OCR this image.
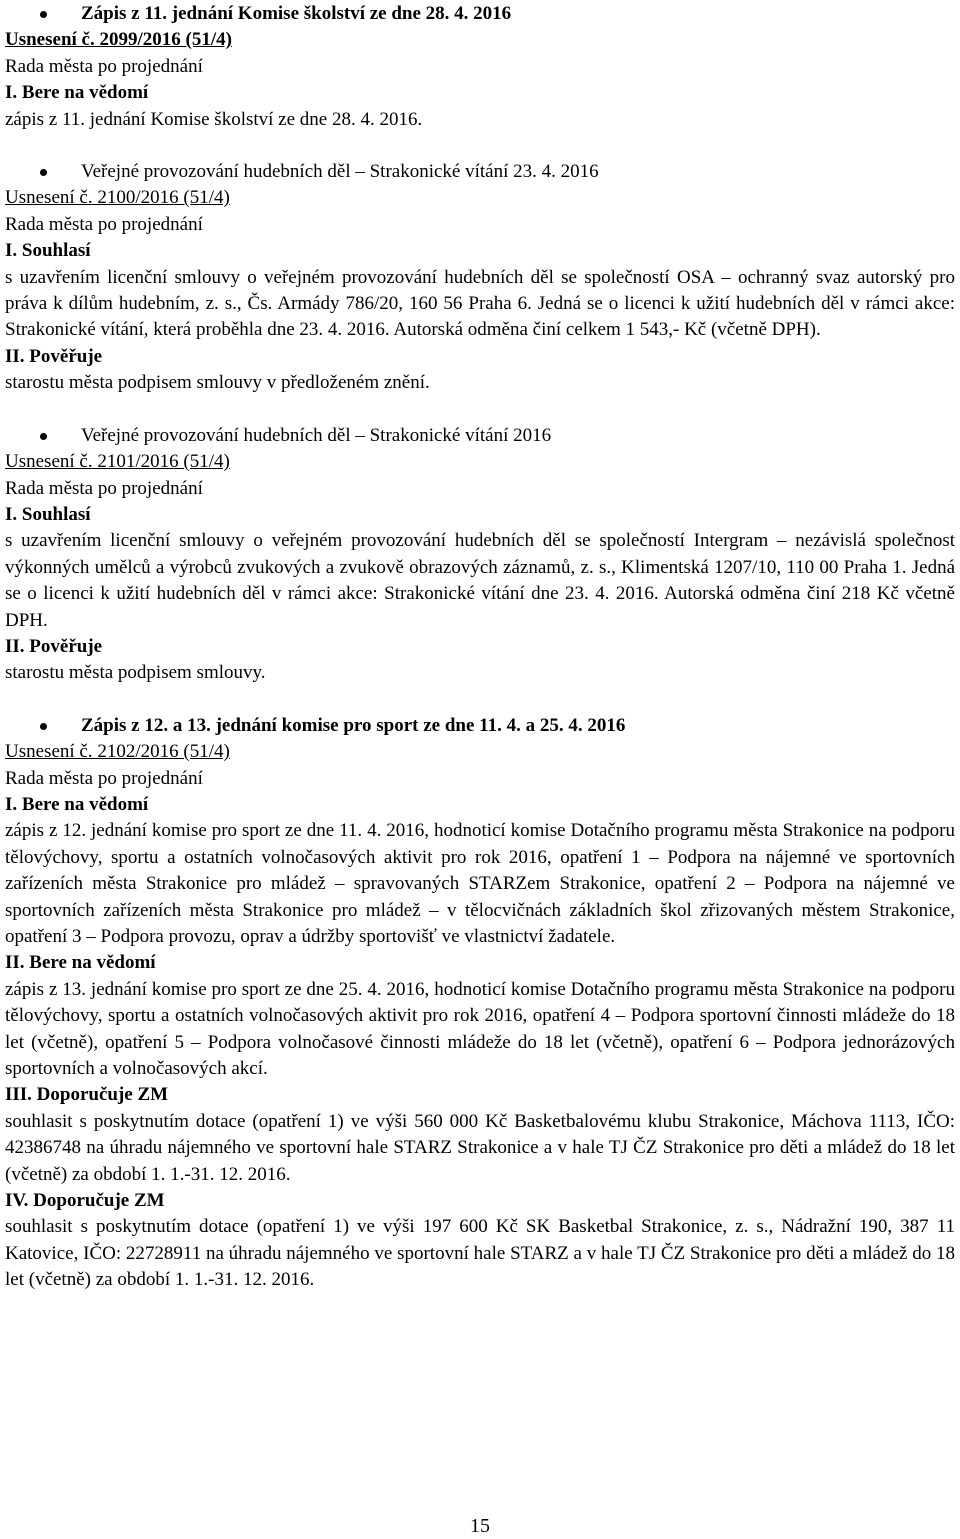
Zápis z 11. jednání Komise školství ze dne 28. 4. 2016

Usnesení č. 2099/2016 (51/4)

Rada města po projednání

I. Bere na vědomí

zápis z 11. jednání Komise školství ze dne 28. 4. 2016.

Veřejné provozování hudebních děl – Strakonické vítání 23. 4. 2016

Usnesení č. 2100/2016 (51/4)

Rada města po projednání

I. Souhlasí

s uzavřením licenční smlouvy o veřejném provozování hudebních děl se společností OSA – ochranný svaz autorský pro práva k dílům hudebním, z. s., Čs. Armády 786/20, 160 56 Praha 6. Jedná se o licenci k užití hudebních děl v rámci akce: Strakonické vítání, která proběhla dne 23. 4. 2016. Autorská odměna činí celkem 1 543,- Kč (včetně DPH).

II. Pověřuje

starostu města podpisem smlouvy v předloženém znění.

Veřejné provozování hudebních děl – Strakonické vítání 2016

Usnesení č. 2101/2016 (51/4)

Rada města po projednání

I. Souhlasí

s uzavřením licenční smlouvy o veřejném provozování hudebních děl se společností Intergram – nezávislá společnost výkonných umělců a výrobců zvukových a zvukově obrazových záznamů, z. s., Klimentská 1207/10, 110 00 Praha 1. Jedná se o licenci k užití hudebních děl v rámci akce: Strakonické vítání dne 23. 4. 2016. Autorská odměna činí 218 Kč včetně DPH.

II. Pověřuje

starostu města podpisem smlouvy.

Zápis z 12. a 13. jednání komise pro sport ze dne 11. 4. a 25. 4. 2016

Usnesení č. 2102/2016 (51/4)

Rada města po projednání

I. Bere na vědomí

zápis z 12. jednání komise pro sport ze dne 11. 4. 2016, hodnoticí komise Dotačního programu města Strakonice na podporu tělovýchovy, sportu a ostatních volnočasových aktivit pro rok 2016, opatření 1 – Podpora na nájemné ve sportovních zařízeních města Strakonice pro mládež – spravovaných STARZem Strakonice, opatření 2 – Podpora na nájemné ve sportovních zařízeních města Strakonice pro mládež – v tělocvičnách základních škol zřizovaných městem Strakonice, opatření 3 – Podpora provozu, oprav a údržby sportovišť ve vlastnictví žadatele.

II. Bere na vědomí

zápis z 13. jednání komise pro sport ze dne 25. 4. 2016, hodnoticí komise Dotačního programu města Strakonice na podporu tělovýchovy, sportu a ostatních volnočasových aktivit pro rok 2016, opatření 4 – Podpora sportovní činnosti mládeže do 18 let (včetně), opatření 5 – Podpora volnočasové činnosti mládeže do 18 let (včetně), opatření 6 – Podpora jednorázových sportovních a volnočasových akcí.

III. Doporučuje ZM

souhlasit s poskytnutím dotace (opatření 1) ve výši 560 000 Kč Basketbalovému klubu Strakonice, Máchova 1113, IČO: 42386748 na úhradu nájemného ve sportovní hale STARZ Strakonice a v hale TJ ČZ Strakonice pro děti a mládež do 18 let (včetně) za období 1. 1.-31. 12. 2016.

IV. Doporučuje ZM

souhlasit s poskytnutím dotace (opatření 1) ve výši 197 600 Kč SK Basketbal Strakonice, z. s., Nádražní 190, 387 11 Katovice, IČO: 22728911 na úhradu nájemného ve sportovní hale STARZ a v hale TJ ČZ Strakonice pro děti a mládež do 18 let (včetně) za období 1. 1.-31. 12. 2016.

15
